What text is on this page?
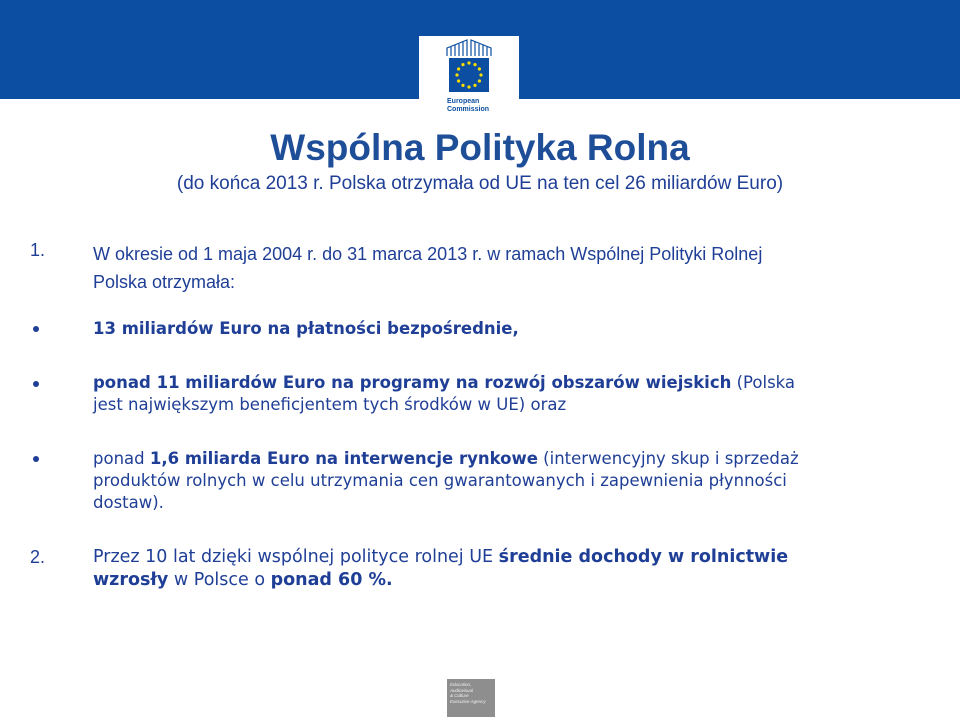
European
Commission
Wspólna Polityka Rolna
(do końca 2013 r. Polska otrzymała od UE na ten cel 26 miliardów Euro)
1.	W okresie od 1 maja 2004 r. do 31 marca 2013 r. w ramach Wspólnej Polityki Rolnej
Polska otrzymała:
13 miliardów Euro na płatności bezpośrednie,
ponad 11 miliardów Euro na programy na rozwój obszarów wiejskich (Polska
jest największym beneficjentem tych środków w UE) oraz
ponad 1,6 miliarda Euro na interwencje rynkowe (interwencyjny skup i sprzedaż
produktów rolnych w celu utrzymania cen gwarantowanych i zapewnienia płynności
dostaw).
2.	Przez 10 lat dzięki wspólnej polityce rolnej UE średnie dochody w rolnictwie
wzrosły w Polsce o ponad 60 %.
Education,
Audiovisual
& Culture
Executive Agency
